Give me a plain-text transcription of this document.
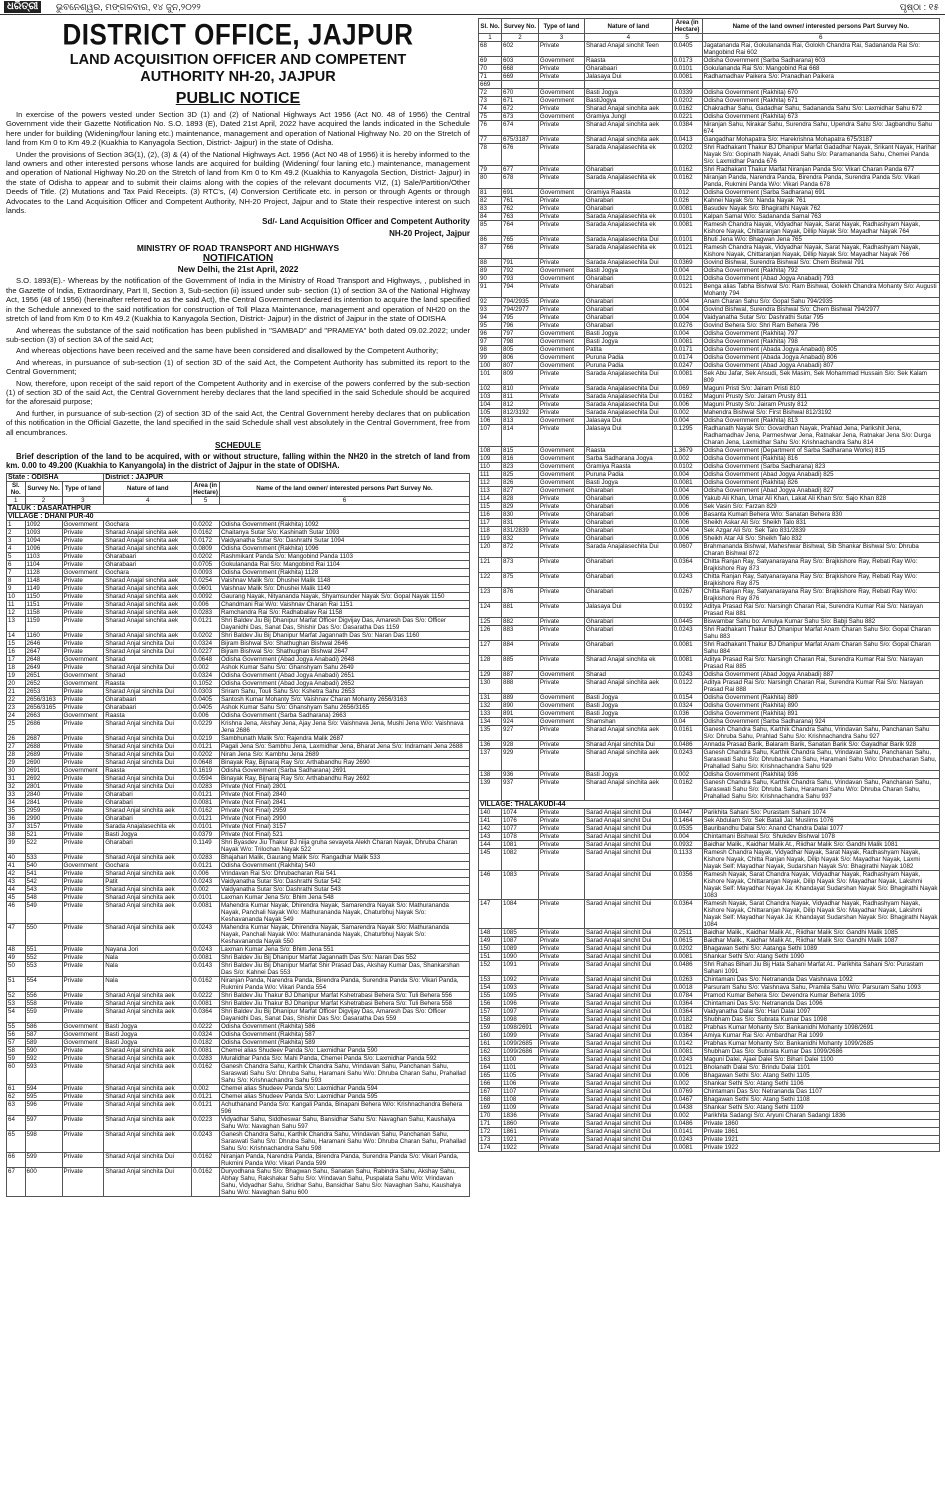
ଧରିତ୍ରୀ	ଭୁବନେଶ୍ୱର, ମଙ୍ଗଳବାର, ୧୪ ଜୁନ,୨୦୨୨	ପୃଷ୍ଠା : ୧୫
DISTRICT OFFICE, JAJPUR
LAND ACQUISITION OFFICER AND COMPETENT
AUTHORITY NH-20, JAJPUR
PUBLIC NOTICE

In exercise of the powers vested under Section 3D (1) and (2) of National Highways Act 1956 (Act N0. 48 of 1956) the Central Government vide their Gazette Notification No. S.O. 1893 (E), Dated 21st April, 2022 have acquired the lands indicated in the Schedule here under for building (Widening/four laning etc.) maintenance, management and operation of National Highway No. 20 on the Stretch of land from Km 0 to Km 49.2 (Kuakhia to Kanyagola Section, District- Jajpur) in the state of Odisha.

Under the provisions of Section 3G(1), (2), (3) & (4) of the National Highways Act. 1956 (Act N0 48 of 1956) it is hereby informed to the land owners and other interested persons whose lands are acquired for building (Widening/ four laning etc.) maintenance, management and operation of National Highway No.20 on the Stretch of land from Km 0 to Km 49.2 (Kuakhia to Kanyagola Section, District- Jajpur) in the state of Odisha to appear and to submit their claims along with the copies of the relevant documents VIZ, (1) Sale/Partition/Other Deeds of Title. (2) Mutations and Tax Paid Receipts. (3) RTC's, (4) Conversion Certificate etc. in person or through Agents or through Advocates to the Land Acquisition Officer and Competent Authority, NH-20 Project, Jajpur and to State their respective interest on such lands.

Sd/- Land Acquisition Officer and Competent Authority
NH-20 Project, Jajpur
MINISTRY OF ROAD TRANSPORT AND HIGHWAYS
NOTIFICATION
New Delhi, the 21st April, 2022

S.O. 1893(E).- Whereas by the notification of the Government of India in the Ministry of Road Transport and Highways, , published in the Gazette of India, Extraordinary, Part II, Section 3, Sub-section (ii) issued under sub- section (1) of section 3A of the National Highway Act, 1956 (48 of 1956) (hereinafter referred to as the said Act), the Central Government declared its intention to acquire the land specified in the Schedule annexed to the said notification for construction of Toll Plaza Maintenance, management and operation of NH20 on the stretch of land from Km 0 to Km 49.2 (Kuakhia to Kanyagola Section, District- Jajpur) in the district of Jajpur in the state of ODISHA

And whereas the substance of the said notification has been published in "SAMBAD" and "PRAMEYA" both dated 09.02.2022; under sub-section (3) of section 3A of the said Act;

And whereas objections have been received and the same have been considered and disallowed by the Competent Authority;

And whereas, in pursuance of sub-section (1) of section 3D of the said Act, the Competent Authority has submitted its report to the Central Government;

Now, therefore, upon receipt of the said report of the Competent Authority and in exercise of the powers conferred by the sub-section (1) of section 3D of the said Act, the Central Government hereby declares that the land specified in the said Schedule should be acquired for the aforesaid purpose;

And further, in pursuance of sub-section (2) of section 3D of the said Act, the Central Government hereby declares that on publication of this notification in the Official Gazette, the land specified in the said Schedule shall vest absolutely in the Central Government, free from all encumbrances.

SCHEDULE

Brief description of the land to be acquired, with or without structure, falling within the NH20 in the stretch of land from km. 0.00 to 49.200 (Kuakhia to Kanyangola) in the district of Jajpur in the state of ODISHA.

State : ODISHA			District : JAJPUR		
Sl. No.	Survey No.	Type of land	Nature of land	Area (in Hectare)	Name of the land owner/ interested persons Part Survey No.
1	2	3	4	5	6
TALUK : DASARATHPUR					
VILLAGE : DHANI PUR-40					
1	1092	Government	Gochara	0.0202	Odisha Government (Rakhita) 1092
2	1093	Private	Sharad Anajal sinchita aek	0.0162	Chaitanya Sutar S/o: Kashinath Sutar 1093
3	1094	Private	Sharad Anajal sinchita aek	0.0172	Vaidyanatha Sutar S/o: Dashrathi Sutar 1094
4	1096	Private	Sharad Anajal sinchita aek	0.0809	Odisha Government (Rakhita) 1096
5	1103	Private	Gharabaari	0.0202	Rashmikant Panda S/o: Mangobind Panda 1103
6	1104	Private	Gharabaari	0.0705	Gokulananda Rai S/o: Mangobind Rai 1104
7	1128	Government	Gochara	0.0093	Odisha Government (Rakhita) 1128
8	1148	Private	Sharad Anajal sinchita aek	0.0254	Vaishnav Malik S/o: Dhushei Malik 1148
9	1149	Private	Sharad Anajal sinchita aek	0.0601	Vaishnav Malik S/o: Dhushei Malik 1149
10	1150	Private	Sharad Anajal sinchita aek	0.0092	Gaurang Nayak, Nityananda Nayak, Shyamsunder Nayak S/o: Gopal Nayak 1150
11	1151	Private	Sharad Anajal sinchita aek	0.006	Chandmani Rai W/o: Vaishnav Charan Rai 1151
12	1158	Private	Sharad Anajal sinchita aek	0.0283	Ramchandra Rai S/o: Radhaballav Rai 1158
13	1159	Private	Sharad Anajal sinchita aek	0.0121	Shri Baldev Jiu Bij Dhanipur Marfat Officer Digvijay Das, Amaresh Das S/o: Officer Dayanidhi Das, Sanat Das, Shishir Das S/o: Dasaratha Das 1159
14	1160	Private	Sharad Anajal sinchita aek	0.0202	Shri Baldev Jiu Bij Dhanipur Marfat Jagannath Das S/o: Naran Das 1160
15	2646	Private	Sharad Anjal sinchita Dui	0.0324	Bijram Bishwal S/o: Shathughan Bishwal 2646
16	2647	Private	Sharad Anjal sinchita Dui	0.0227	Bijram Bishwal S/o: Shathughan Bishwal 2647
17	2648	Government	Sharad	0.0648	Odisha Government (Abad Jogya Anabadi) 2648
18	2649	Private	Sharad Anjal sinchita Dui	0.002	Ashok Kumar Sahu S/o: Ghanshyam Sahu 2649
19	2651	Government	Sharad	0.0324	Odisha Government (Abad Jogya Anabadi) 2651
20	2652	Government	Raasta	0.1052	Odisha Government (Abad Jogya Anabadi) 2652
21	2653	Private	Sharad Anjal sinchita Dui	0.0303	Sriram Sahu, Touli Sahu S/o: Kshetra Sahu 2653
22	2656/3163	Private	Gharabaari	0.0405	Santosh Kumar Mohanty S/o: Vaishnav Charan Mohanty 2656/3163
23	2656/3165	Private	Gharabaari	0.0405	Ashok Kumar Sahu S/o: Ghanshyam Sahu 2656/3165
24	2663	Government	Raasta	0.006	Odisha Government (Sarba Sadharana) 2663
25	2686	Private	Sharad Anjal sinchita Dui	0.0229	Krishna Jena, Akshay Jena, Ajay Jena S/o: Vaishnava Jena, Mushi Jena W/o: Vaishnava Jena 2686
26	2687	Private	Sharad Anjal sinchita Dui	0.0219	Sambhunath Malik S/o: Rajendra Malik 2687
27	2688	Private	Sharad Anjal sinchita Dui	0.0121	Pagali Jena S/o: Sambhu Jena, Laxmidhar Jena, Bharat Jena S/o: Indramani Jena 2688
28	2689	Private	Sharad Anjal sinchita Dui	0.0202	Niran Jena S/o: Kambhu Jena 2689
29	2690	Private	Sharad Anjal sinchita Dui	0.0648	Binayak Ray, Bijnaraj Ray S/o: Arthabandhu Ray 2690
30	2691	Government	Raasta	0.1619	Odisha Government (Sarba Sadharana) 2691
31	2692	Private	Sharad Anjal sinchita Dui	0.0594	Binayak Ray, Bijnaraj Ray S/o: Arthabandhu Ray 2692
32	2801	Private	Sharad Anjal sinchita Dui	0.0283	Private (Not Final) 2801
33	2840	Private	Gharabari	0.0121	Private (Not Final) 2840
34	2841	Private	Gharabari	0.0081	Private (Not Final) 2841
35	2959	Private	Sharad Anjal sinchita aek	0.0162	Private (Not Final) 2959
36	2990	Private	Gharabari	0.0121	Private (Not Final) 2990
37	3157	Private	Sarada Anajalasechita ek	0.0101	Private (Not Final) 3157
38	521	Private	Basti Jogya	0.0379	Private (Not Final) 521
39	522	Private	Gharabari	0.1149	Shri Byasdev Jiu Thakur BJ niija gruha sevayeta Alekh Charan Nayak, Dhruba Charan Nayak W/o: Trilochan Nayak 522
40	533	Private	Sharad Anjal sinchita aek	0.0283	Bhajahari Malik, Gaurang Malik S/o: Rangadhar Malik 533
41	540	Government	Gochara	0.0121	Odisha Government (Rakhita) 540
42	541	Private	Sharad Anjal sinchita aek	0.006	Vrindavan Rai S/o: Dhrubacharan Rai 541
43	542	Private	Patit	0.0243	Vaidyanatha Sutar S/o: Dashrathi Sutar 542
44	543	Private	Sharad Anjal sinchita aek	0.002	Vaidyanatha Sutar S/o: Dashrathi Sutar 543
45	548	Private	Sharad Anjal sinchita aek	0.0101	Laxman Kumar Jena S/o: Bhim Jena 548
46	549	Private	Sharad Anjal sinchita aek	0.0081	Mahendra Kumar Nayak, Dhirendra Nayak, Samarendra Nayak S/o: Mathurananda Nayak, Panchali Nayak W/o: Mathurananda Nayak, Chaturbhuj Nayak S/o: Keshavananda Nayak 549
47	550	Private	Sharad Anjal sinchita aek	0.0243	Mahendra Kumar Nayak, Dhirendra Nayak, Samarendra Nayak S/o: Mathurananda Nayak, Panchali Nayak W/o: Mathurananda Nayak, Chaturbhuj Nayak S/o: Keshavananda Nayak 550
48	551	Private	Nayana Jori	0.0243	Laxman Kumar Jena S/o: Bhim Jena 551
49	552	Private	Nala	0.0081	Shri Baldev Jiu Bij Dhanipur Marfat Jagannath Das S/o: Naran Das 552
50	553	Private	Nala	0.0143	Shri Baldev Jiu Bij Dhanipur Marfat Shir Prasad Das, Akshay Kumar Das, Shankarshan Das S/o: Kahnei Das 553
51	554	Private	Nala	0.0162	Niranjan Panda, Narendra Panda, Birendra Panda, Surendra Panda S/o: Vikari Panda, Rukmini Panda W/o: Vikari Panda 554
52	556	Private	Sharad Anjal sinchita aek	0.0222	Shri Baldev Jiu Thakur BJ Dhanipur Marfat Kshetrabasi Behera S/o: Tuli Behera 556
53	558	Private	Sharad Anjal sinchita aek	0.0081	Shri Baldev Jiu Thakur BJ Dhanipur Marfat Kshetrabasi Behera S/o: Tuli Behera 558
54	559	Private	Sharad Anjal sinchita aek	0.0364	Shri Baldev Jiu Bij Dhanipur Marfat Officer Digvijay Das, Amaresh Das S/o: Officer Dayanidhi Das, Sanat Das, Shishir Das S/o: Dasaratha Das 559
55	586	Government	Basti Jogya	0.0222	Odisha Government (Rakhita) 586
56	587	Government	Basti Jogya	0.0324	Odisha Government (Rakhita) 587
57	589	Government	Basti Jogya	0.0182	Odisha Government (Rakhita) 589
58	590	Private	Sharad Anjal sinchita aek	0.0081	Chemei alias Shudeev Panda S/o: Laxmidhar Panda 590
59	592	Private	Sharad Anjal sinchita aek	0.0283	Muralidhar Panda S/o: Mahi Panda, Chemei Panda S/o: Laxmidhar Panda 592
60	593	Private	Sharad Anjal sinchita aek	0.0162	Ganesh Chandra Sahu, Karthik Chandra Sahu, Vrindavan Sahu, Panchanan Sahu, Saraswati Sahu S/o: Dhruba Sahu, Haramani Sahu W/o: Dhruba Charan Sahu, Prahallad Sahu S/o: Krishnachandra Sahu 593
61	594	Private	Sharad Anjal sinchita aek	0.002	Chemei alias Shudeev Panda S/o: Laxmidhar Panda 594
62	595	Private	Sharad Anjal sinchita aek	0.0121	Chemei alias Shudeev Panda S/o: Laxmidhar Panda 595
63	596	Private	Sharad Anjal sinchita aek	0.0121	Achuthanand Panda S/o: Kangali Panda, Binapani Behera W/o: Krishnachandra Behera 596
64	597	Private	Sharad Anjal sinchita aek	0.0223	Vidyadhar Sahu, Siddheswar Sahu, Bansidhar Sahu S/o: Navaghan Sahu, Kaushalya Sahu W/o: Navaghan Sahu 597
65	598	Private	Sharad Anjal sinchita aek	0.0243	Ganesh Chandra Sahu, Karthik Chandra Sahu, Vrindavan Sahu, Panchanan Sahu, Saraswati Sahu S/o: Dhruba Sahu, Haramani Sahu W/o: Dhruba Charan Sahu, Prahallad Sahu S/o: Krishnachandra Sahu 598
66	599	Private	Sharad Anjal sinchita Dui	0.0162	Niranjan Panda, Narendra Panda, Birendra Panda, Surendra Panda S/o: Vikari Panda, Rukmini Panda W/o: Vikari Panda 599
67	600	Private	Sharad Anjal sinchita Dui	0.0162	Duryodhana Sahu S/o: Bhagwan Sahu, Sanatan Sahu, Rabindra Sahu, Akshay Sahu, Abhay Sahu, Rakshakar Sahu S/o: Vrindavan Sahu, Puspalata Sahu W/o: Vrindavan Sahu, Vidyadhar Sahu, Sridhar Sahu, Bansidhar Sahu S/o: Navaghan Sahu, Kaushalya Sahu W/o: Navaghan Sahu 600
Sl. No.	Survey No.	Type of land	Nature of land	Area (in Hectare)	Name of the land owner/ interested persons Part Survey No.
1	2	3	4	5	6
68	602	Private	Sharad Anajal sinchit Teen	0.0405	Jagatananda Rai, Gokulananda Rai, Golokh Chandra Rai, Sadananda Rai S/o: Mangobind Rai 602
69	603	Government	Raasta	0.0173	Odisha Government (Sarba Sadharana) 603
70	668	Private	Gharabaari	0.0101	Gokulananda Rai S/o: Mangobind Rai 668
71	669	Private	Jalasaya Dui	0.0081	Radhamadhav Paikera S/o: Pranadhan Paikera
669					
72	670	Government	Basti Jogya	0.0339	Odisha Government (Rakhita) 670
73	671	Government	BastiJogya	0.0202	Odisha Government (Rakhita) 671
74	672	Private	Sharad Anajal sinchita aek	0.0162	Chakradhar Sahu, Gadadhar Sahu, Sadananda Sahu S/o: Laxmidhar Sahu 672
75	673	Government	Gramiya Jungl	0.0221	Odisha Government (Rakhita) 673
76	674	Private	Sharad Anajal sinchita aek	0.0384	Niranjan Sahu, Nirakar Sahu, Surendra Sahu, Upendra Sahu S/o: Jagbandhu Sahu 674
77	675/3187	Private	Sharad Anajal sinchita aek	0.0413	Gangadhar Mohapatra S/o: Harekrishna Mohapatra 675/3187
78	676	Private	Sarada Anajalasechita ek	0.0202	Shri Radhakant Thakur BJ Dhanipur Marfat Gadadhar Nayak, Srikant Nayak, Harihar Nayak S/o: Gopinath Nayak, Anadi Sahu S/o: Paramananda Sahu, Chemei Panda S/o: Laxmidhar Panda 676
79	677	Private	Gharabari	0.0162	Shri Radhakant Thakur Marfat Niranjan Panda S/o: Vikari Charan Panda 677
80	678	Private	Sarada Anajalasechita ek	0.0162	Niranjan Panda, Narendra Panda, Birendra Panda, Surendra Panda S/o: Vikari Panda, Rukmini Panda W/o: Vikari Panda 678
81	691	Government	Gramiya Raasta	0.012	Odisha Government (Sarba Sadharana) 691
82	761	Private	Gharabari	0.026	Kahnei Nayak S/o: Nanda Nayak 761
83	762	Private	Gharabari	0.0081	Basudev Nayak S/o: Bhagirathi Nayak 762
84	763	Private	Sarada Anajalasechita ek	0.0101	Kalpan Samal W/o: Sadananda Samal 763
85	764	Private	Sarada Anajalasechita ek	0.0081	Ramesh Chandra Nayak, Vidyadhar Nayak, Sarat Nayak, Radhashyam Nayak, Kishore Nayak, Chittaranjan Nayak, Dillip Nayak S/o: Mayadhar Nayak 764
86	765	Private	Sarada Anajalasechita Dui	0.0101	Bhuti Jena W/o: Bhagwan Jena 765
87	766	Private	Sarada Anajalasechita ek	0.0121	Ramesh Chandra Nayak, Vidyadhar Nayak, Sarat Nayak, Radhashyam Nayak, Kishore Nayak, Chittaranjan Nayak, Dillip Nayak S/o: Mayadhar Nayak 766
88	791	Private	Sarada Anajalasechita Dui	0.0369	Govind Bishwal, Surendra Bishwal S/o: Chem Bishwal 791
89	792	Government	Basti Jogya	0.004	Odisha Government (Rakhita) 792
90	793	Government	Gharabari	0.0121	Odisha Government (Abad Jogya Anabadi) 793
91	794	Private	Gharabari	0.0121	Benga alias Tabha Bishwal S/o: Ram Bishwal, Golekh Chandra Mohanty S/o: Augusti Mohanty 794
92	794/2935	Private	Gharabari	0.004	Anam Charan Sahu S/o: Gopal Sahu 794/2935
93	794/2977	Private	Gharabari	0.004	Govind Bishwal, Surendra Bishwal S/o: Chem Bishwal 794/2977
94	795	Private	Gharabari	0.004	Vaidyanatha Sutar S/o: Dashrathi Sutar 795
95	796	Private	Gharabari	0.0276	Govind Behera S/o: Shri Ram Behera 796
96	797	Government	Basti Jogya	0.004	Odisha Government (Rakhita) 797
97	798	Government	Basti Jogya	0.0081	Odisha Government (Rakhita) 798
98	805	Government	Patita	0.0171	Odisha Government (Abada Jogya Anabadi) 805
99	806	Government	Puruna Padia	0.0174	Odisha Government (Abada Jogya Anabadi) 806
100	807	Government	Puruna Padia	0.0247	Odisha Government (Abad Jogya Anabadi) 807
101	809	Private	Sarada Anajalasechita Dui	0.0081	Sek Abu Jafar, Sek Ansudi, Sek Masim, Sek Mohammad Hussain S/o: Sek Kalam 809
102	810	Private	Sarada Anajalasechita Dui	0.069	Maguni Pristi S/o: Jairam Pristi 810
103	811	Private	Sarada Anajalasechita Dui	0.0162	Maguni Prusty S/o: Jairam Prusty 811
104	812	Private	Sarada Anajalasechita Dui	0.006	Maguni Prusty S/o: Jairam Prusty 812
105	812/3192	Private	Sarada Anajalasechita Dui	0.002	Mahendra Bishwal S/o: First Bishwal 812/3192
106	813	Government	Jalasaya Dui	0.004	Odisha Government (Rakhita) 813
107	814	Private	Jalasaya Dui	0.1295	Radhanath Nayak S/o: Govardhan Nayak, Prahlad Jena, Parikshit Jena, Radhamadhav Jena, Parmeshwar Jena, Ratnakar Jena, Ratnakar Jena S/o: Durga Charan Jena, Laxmidhar Sahu S/o: Krishnachandra Sahu 814
108	815	Government	Raasta	1.3679	Odisha Government (Department of Sarba Sadharana Works) 815
109	816	Government	Sarba Sadharana Jogya	0.002	Odisha Government (Rakhita) 816
110	823	Government	Gramiya Raasta	0.0102	Odisha Government (Sarba Sadharana) 823
111	825	Government	Puruna Padia	0.004	Odisha Government (Abad Jogya Anabadi) 825
112	826	Government	Basti Jogya	0.0081	Odisha Government (Rakhita) 826
113	827	Government	Gharabari	0.004	Odisha Government (Abad Jogya Anabadi) 827
114	828	Private	Gharabari	0.006	Yakub Ali Khan, Umar Ali Khan, Lakat Ali Khan S/o: Sajo Khan 828
115	829	Private	Gharabari	0.006	Sek Vasin S/o: Farzan 829
116	830	Private	Gharabari	0.006	Basanta Kumari Behera W/o: Sanatan Behera 830
117	831	Private	Gharabari	0.006	Sheikh Askar Ali S/o: Sheikh Talo 831
118	831/2839	Private	Gharabari	0.004	Sek Azgar Ali S/o: Sek Talo 831/2839
119	832	Private	Gharabari	0.006	Sheikh Atar Ali S/o: Sheikh Talo 832
120	872	Private	Sarada Anajalasechita Dui	0.0607	Brahmananda Bishwal, Maheshwar Bishwal, Sib Shankar Bishwal S/o: Dhruba Charan Bishwal 872
121	873	Private	Gharabari	0.0364	Chitta Ranjan Ray, Satyanarayana Ray S/o: Brajkishore Ray, Rebati Ray W/o: Brajkishore Ray 873
122	875	Private	Gharabari	0.0243	Chitta Ranjan Ray, Satyanarayana Ray S/o: Brajkishore Ray, Rebati Ray W/o: Brajkishore Ray 875
123	876	Private	Gharabari	0.0267	Chitta Ranjan Ray, Satyanarayana Ray S/o: Brajkishore Ray, Rebati Ray W/o: Brajkishore Ray 876
124	881	Private	Jalasaya Dui	0.0192	Aditya Prasad Rai S/o: Narsingh Charan Rai, Surendra Kumar Rai S/o: Narayan Prasad Rai 881
125	882	Private	Gharabari	0.0445	Biswambar Sahu bo: Amulya Kumar Sahu S/o: Babji Sahu 882
126	883	Private	Gharabari	0.0243	Shri Radhakant Thakur BJ Dhanipur Marfat Anam Charan Sahu S/o: Gopal Charan Sahu 883
127	884	Private	Gharabari	0.0081	Shri Radhakant Thakur BJ Dhanipur Marfat Anam Charan Sahu S/o: Gopal Charan Sahu 884
128	885	Private	Sharad Anajal sinchita ek	0.0081	Aditya Prasad Rai S/o: Narsingh Charan Rai, Surendra Kumar Rai S/o: Narayan Prasad Rai 885
129	887	Government	Sharad	0.0243	Odisha Government (Abad Jogya Anabadi) 887
130	888	Private	Sharad Anajal sinchita aek	0.0122	Aditya Prasad Rai S/o: Narsingh Charan Rai, Surendra Kumar Rai S/o: Narayan Prasad Rai 888
131	889	Government	Basti Jogya	0.0154	Odisha Government (Rakhita) 889
132	890	Government	Basti Jogya	0.0324	Odisha Government (Rakhita) 890
133	891	Government	Basti Jogya	0.036	Odisha Government (Rakhita) 891
134	924	Government	Shamshan	0.04	Odisha Government (Sarba Sadharana) 924
135	927	Private	Sharad Anajal sinchita aek	0.0161	Ganesh Chandra Sahu, Karthik Chandra Sahu, Vrindavan Sahu, Panchanan Sahu S/o: Dhruba Sahu, Prahlad Sahu S/o: Krishnachandra Sahu 927
136	928	Private	Sharad Anjal sinchita Dui	0.0486	Annada Prasad Barik, Balaram Barik, Sanatan Barik S/o: Gayadhar Barik 928
137	929	Private	Sharad Anajal sinchita aek	0.0243	Ganesh Chandra Sahu, Karthik Chandra Sahu, Vrindavan Sahu, Panchanan Sahu, Saraswati Sahu S/o: Dhrubacharan Sahu, Haramani Sahu W/o: Dhrubacharan Sahu, Prahallad Sahu S/o: Krishnachandra Sahu 929
138	936	Private	Basti Jogya	0.002	Odisha Government (Rakhita) 936
139	937	Private	Sharad Anajal sinchita aek	0.0162	Ganesh Chandra Sahu, Karthik Chandra Sahu, Vrindavan Sahu, Panchanan Sahu, Saraswati Sahu S/o: Dhruba Sahu, Haramani Sahu W/o: Dhruba Charan Sahu, Prahallad Sahu S/o: Krishnachandra Sahu 937
VILLAGE: THALAKUDI-44					
140	1074	Private	Sarad Anajal sinchit Dui	0.0447	Parikhita Sahani S/o: Purastam Sahani 1074
141	1076	Private	Sarad Anajal sinchit Dui	0.1464	Sek Abdulam S/o: Sek Batali Jai: Muslims 1076
142	1077	Private	Sarad Anajal sinchit Dui	0.0535	Bauribandhu Dalai S/o: Anand Chandra Dalai 1077
143	1078	Private	Sarad Anajal sinchit Dui	0.004	Chintamani Bishwal S/o: Shukdev Bishwal 1078
144	1081	Private	Sarad Anajal sinchit Dui	0.0932	Baidhar Malik., Kaidhar Malik At., Riidhar Malik S/o: Gandhi Malik 1081
145	1082	Private	Sarad Anajal sinchit Dui	0.1133	Ramesh Chandra Nayak, Vidyadhar Nayak, Sarat Nayak, Radhashyam Nayak, Kishore Nayak, Chitta Ranjan Nayak, Dilip Nayak S/o: Mayadhar Nayak, Laxmi Nayak Self: Mayadhar Nayak, Sudarshan Nayak S/o: Bhagirathi Nayak 1082
146	1083	Private	Sarad Anajal sinchit Dui	0.0356	Ramesh Nayak, Sarat Chandra Nayak, Vidyadhar Nayak, Radhashyam Nayak, Kishore Nayak, Chittaranjan Nayak, Dilip Nayak S/o: Mayadhar Nayak, Lakshmi Nayak Self: Mayadhar Nayak Ja: Khandayat Sudarshan Nayak S/o: Bhagirathi Nayak 1083
147	1084	Private	Sarad Anajal sinchit Dui	0.0364	Ramesh Nayak, Sarat Chandra Nayak, Vidyadhar Nayak, Radhashyam Nayak, Kishore Nayak, Chittaranjan Nayak, Dilip Nayak S/o: Mayadhar Nayak, Lakshmi Nayak Self: Mayadhar Nayak Ja: Khandayat Sudarshan Nayak S/o: Bhagirathi Nayak 1084
148	1085	Private	Sarad Anajal sinchit Dui	0.2511	Baidhar Malik., Kaidhar Malik At., Riidhar Malik S/o: Gandhi Malik 1085
149	1087	Private	Sarad Anajal sinchit Dui	0.0615	Baidhar Malik., Kaidhar Malik At., Riidhar Malik S/o: Gandhi Malik 1087
150	1089	Private	Sarad Anajal sinchit Dui	0.0202	Bhagawan Sethi S/o: Aatanga Sethi 1089
151	1090	Private	Sarad Anajal sinchit Dui	0.0081	Shankar Sethi S/o: Atang Sethi 1090
152	1091	Private	Sarad Anajal sinchit Dui	0.0486	Shri Rahas Bihari Jiu Bij Hata Sahani Marfat At.. Parikhita Sahani S/o: Purastam Sahani 1091
153	1092	Private	Sarad Anajal sinchit Dui	0.0263	Chintamani Das S/o: Netrananda Das Vaishnava 1092
154	1093	Private	Sarad Anajal sinchit Dui	0.0018	Parsuram Sahu S/o: Vaishnava Sahu, Pramila Sahu W/o: Parsuram Sahu 1093
155	1095	Private	Sarad Anajal sinchit Dui	0.0784	Pramod Kumar Behera S/o: Devendra Kumar Behera 1095
156	1096	Private	Sarad Anajal sinchit Dui	0.0364	Chintamani Das S/o: Netrananda Das 1096
157	1097	Private	Sarad Anajal sinchit Dui	0.0364	Vaidyanatha Dalai S/o: Hari Dalai 1097
158	1098	Private	Sarad Anajal sinchit Dui	0.0182	Shubham Das S/o: Subrata Kumar Das 1098
159	1098/2691	Private	Sarad Anajal sinchit Dui	0.0182	Prabhas Kumar Mohanty S/o: Bankanidhi Mohanty 1098/2691
160	1099	Private	Sarad Anajal sinchit Dui	0.0364	Amiya Kumar Rai S/o: Ambardhar Rai 1099
161	1099/2685	Private	Sarad Anajal sinchit Dui	0.0142	Prabhas Kumar Mohanty S/o: Bankanidhi Mohanty 1099/2685
162	1099/2686	Private	Sarad Anajal sinchit Dui	0.0081	Shubham Das S/o: Subrata Kumar Das 1099/2686
163	1100	Private	Sarad Anajal sinchit Dui	0.0243	Maguni Dalei, Ajaei Dalei S/o: Bihari Dalei 1100
164	1101	Private	Sarad Anajal sinchit Dui	0.0121	Bholanath Dalai S/o: Brindu Dalai 1101
165	1105	Private	Sarad Anajal sinchit Dui	0.006	Bhagawan Sethi S/o: Atang Sethi 1105
166	1106	Private	Sarad Anajal sinchit Dui	0.002	Shankar Sethi S/o: Atang Sethi 1106
167	1107	Private	Sarad Anajal sinchit Dui	0.0769	Chintamani Das S/o: Netrananda Das 1107
168	1108	Private	Sarad Anajal sinchit Dui	0.0467	Bhagawan Sethi S/o: Atang Sethi 1108
169	1109	Private	Sarad Anajal sinchit Dui	0.0438	Shankar Sethi S/o: Atang Sethi 1109
170	1836	Private	Sarad Anajal sinchit Dui	0.002	Parikhita Sadangi S/o: Aryuni Charan Sadangi 1836
171	1860	Private	Sarad Anajal sinchit Dui	0.0486	Private 1860
172	1861	Private	Sarad Anajal sinchit Dui	0.0141	Private 1861
173	1921	Private	Sarad Anajal sinchit Dui	0.0243	Private 1921
174	1922	Private	Sarad Anajal sinchit Dui	0.0081	Private 1922
